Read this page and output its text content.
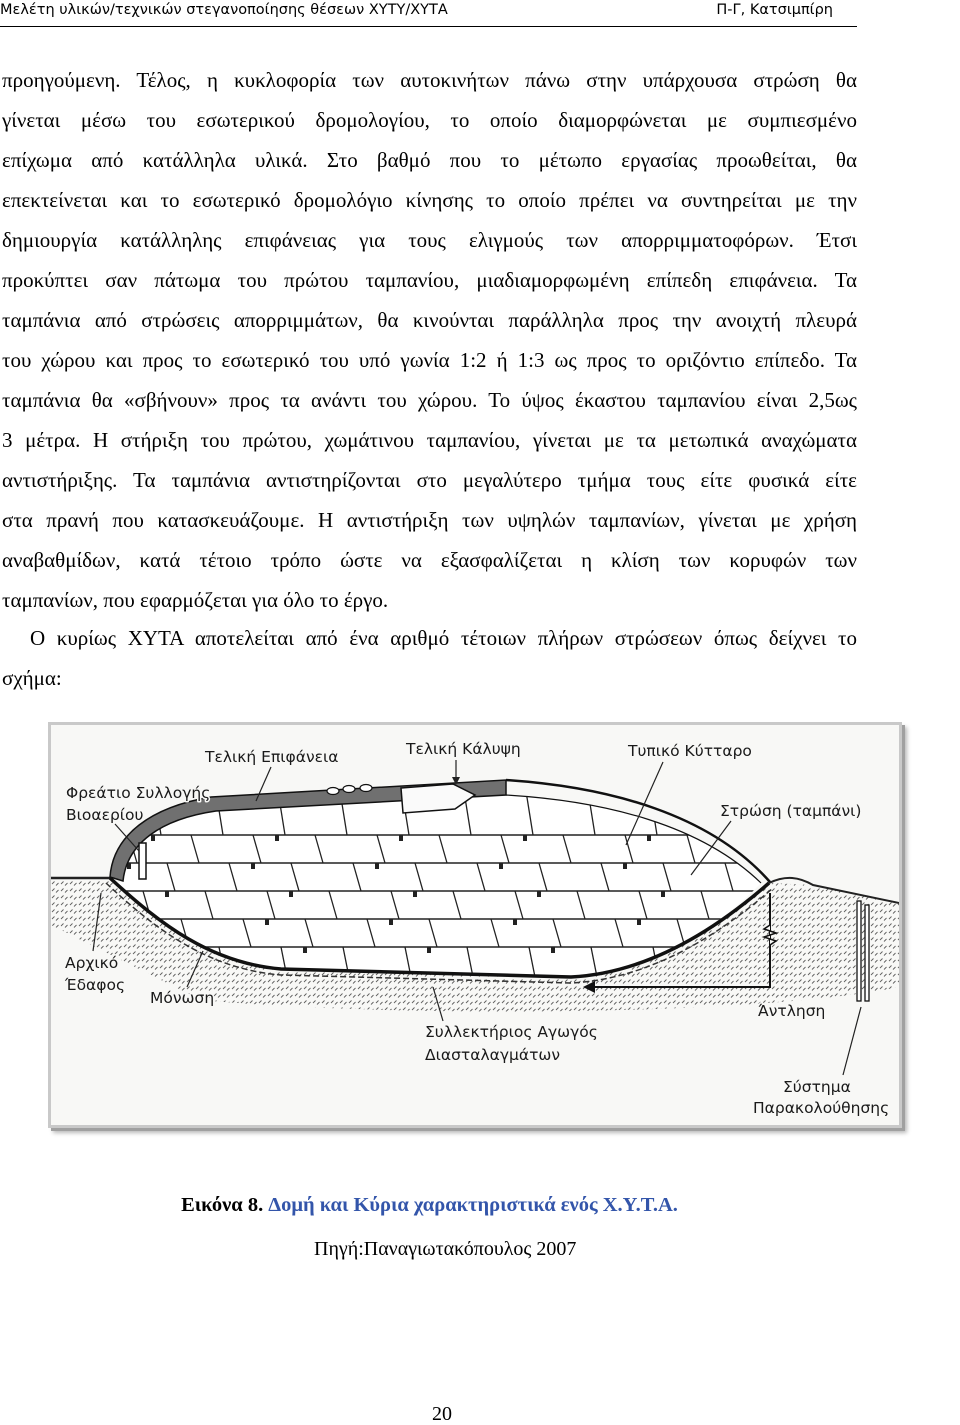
Μελέτη υλικών/τεχνικών στεγανοποίησης θέσεων ΧΥΤΥ/ΧΥΤΑ	Π-Γ, Κατσιμπίρη
προηγούμενη. Τέλος, η κυκλοφορία των αυτοκινήτων πάνω στην υπάρχουσα στρώση θα
γίνεται μέσω του εσωτερικού δρομολογίου, το οποίο διαμορφώνεται με συμπιεσμένο
επίχωμα από κατάλληλα υλικά. Στο βαθμό που το μέτωπο εργασίας προωθείται, θα
επεκτείνεται και το εσωτερικό δρομολόγιο κίνησης το οποίο πρέπει να συντηρείται με την
δημιουργία κατάλληλης επιφάνειας για τους ελιγμούς των απορριμματοφόρων. Έτσι
προκύπτει σαν πάτωμα του πρώτου ταμπανίου, μιαδιαμορφωμένη επίπεδη επιφάνεια. Τα
ταμπάνια από στρώσεις απορριμμάτων, θα κινούνται παράλληλα προς την ανοιχτή πλευρά
του χώρου και προς το εσωτερικό του υπό γωνία 1:2 ή 1:3 ως προς το οριζόντιο επίπεδο. Τα
ταμπάνια θα «σβήνουν» προς τα ανάντι του χώρου. Το ύψος έκαστου ταμπανίου είναι 2,5ως
3 μέτρα. Η στήριξη του πρώτου, χωμάτινου ταμπανίου, γίνεται με τα μετωπικά αναχώματα
αντιστήριξης. Τα ταμπάνια αντιστηρίζονται στο μεγαλύτερο τμήμα τους είτε φυσικά είτε
στα πρανή που κατασκευάζουμε. Η αντιστήριξη των υψηλών ταμπανίων, γίνεται με χρήση
αναβαθμίδων, κατά τέτοιο τρόπο ώστε να εξασφαλίζεται η κλίση των κορυφών των
ταμπανίων, που εφαρμόζεται για όλο το έργο.
Ο κυρίως ΧΥΤΑ αποτελείται από ένα αριθμό τέτοιων πλήρων στρώσεων όπως δείχνει το
σχήμα:
Τελική Επιφάνεια	Τελική Κάλυψη	Τυπικό Κύτταρο
Φρεάτιο Συλλογής
Βιοαερίου	Στρώση (ταμπάνι)
Αρχικό
Έδαφος
Μόνωση
Άντληση
Συλλεκτήριος Αγωγός
Διασταλαγμάτων
Σύστημα
Παρακολούθησης
Εικόνα 8. Δομή και Κύρια χαρακτηριστικά ενός Χ.Υ.Τ.Α.
Πηγή:Παναγιωτακόπουλος 2007
20
